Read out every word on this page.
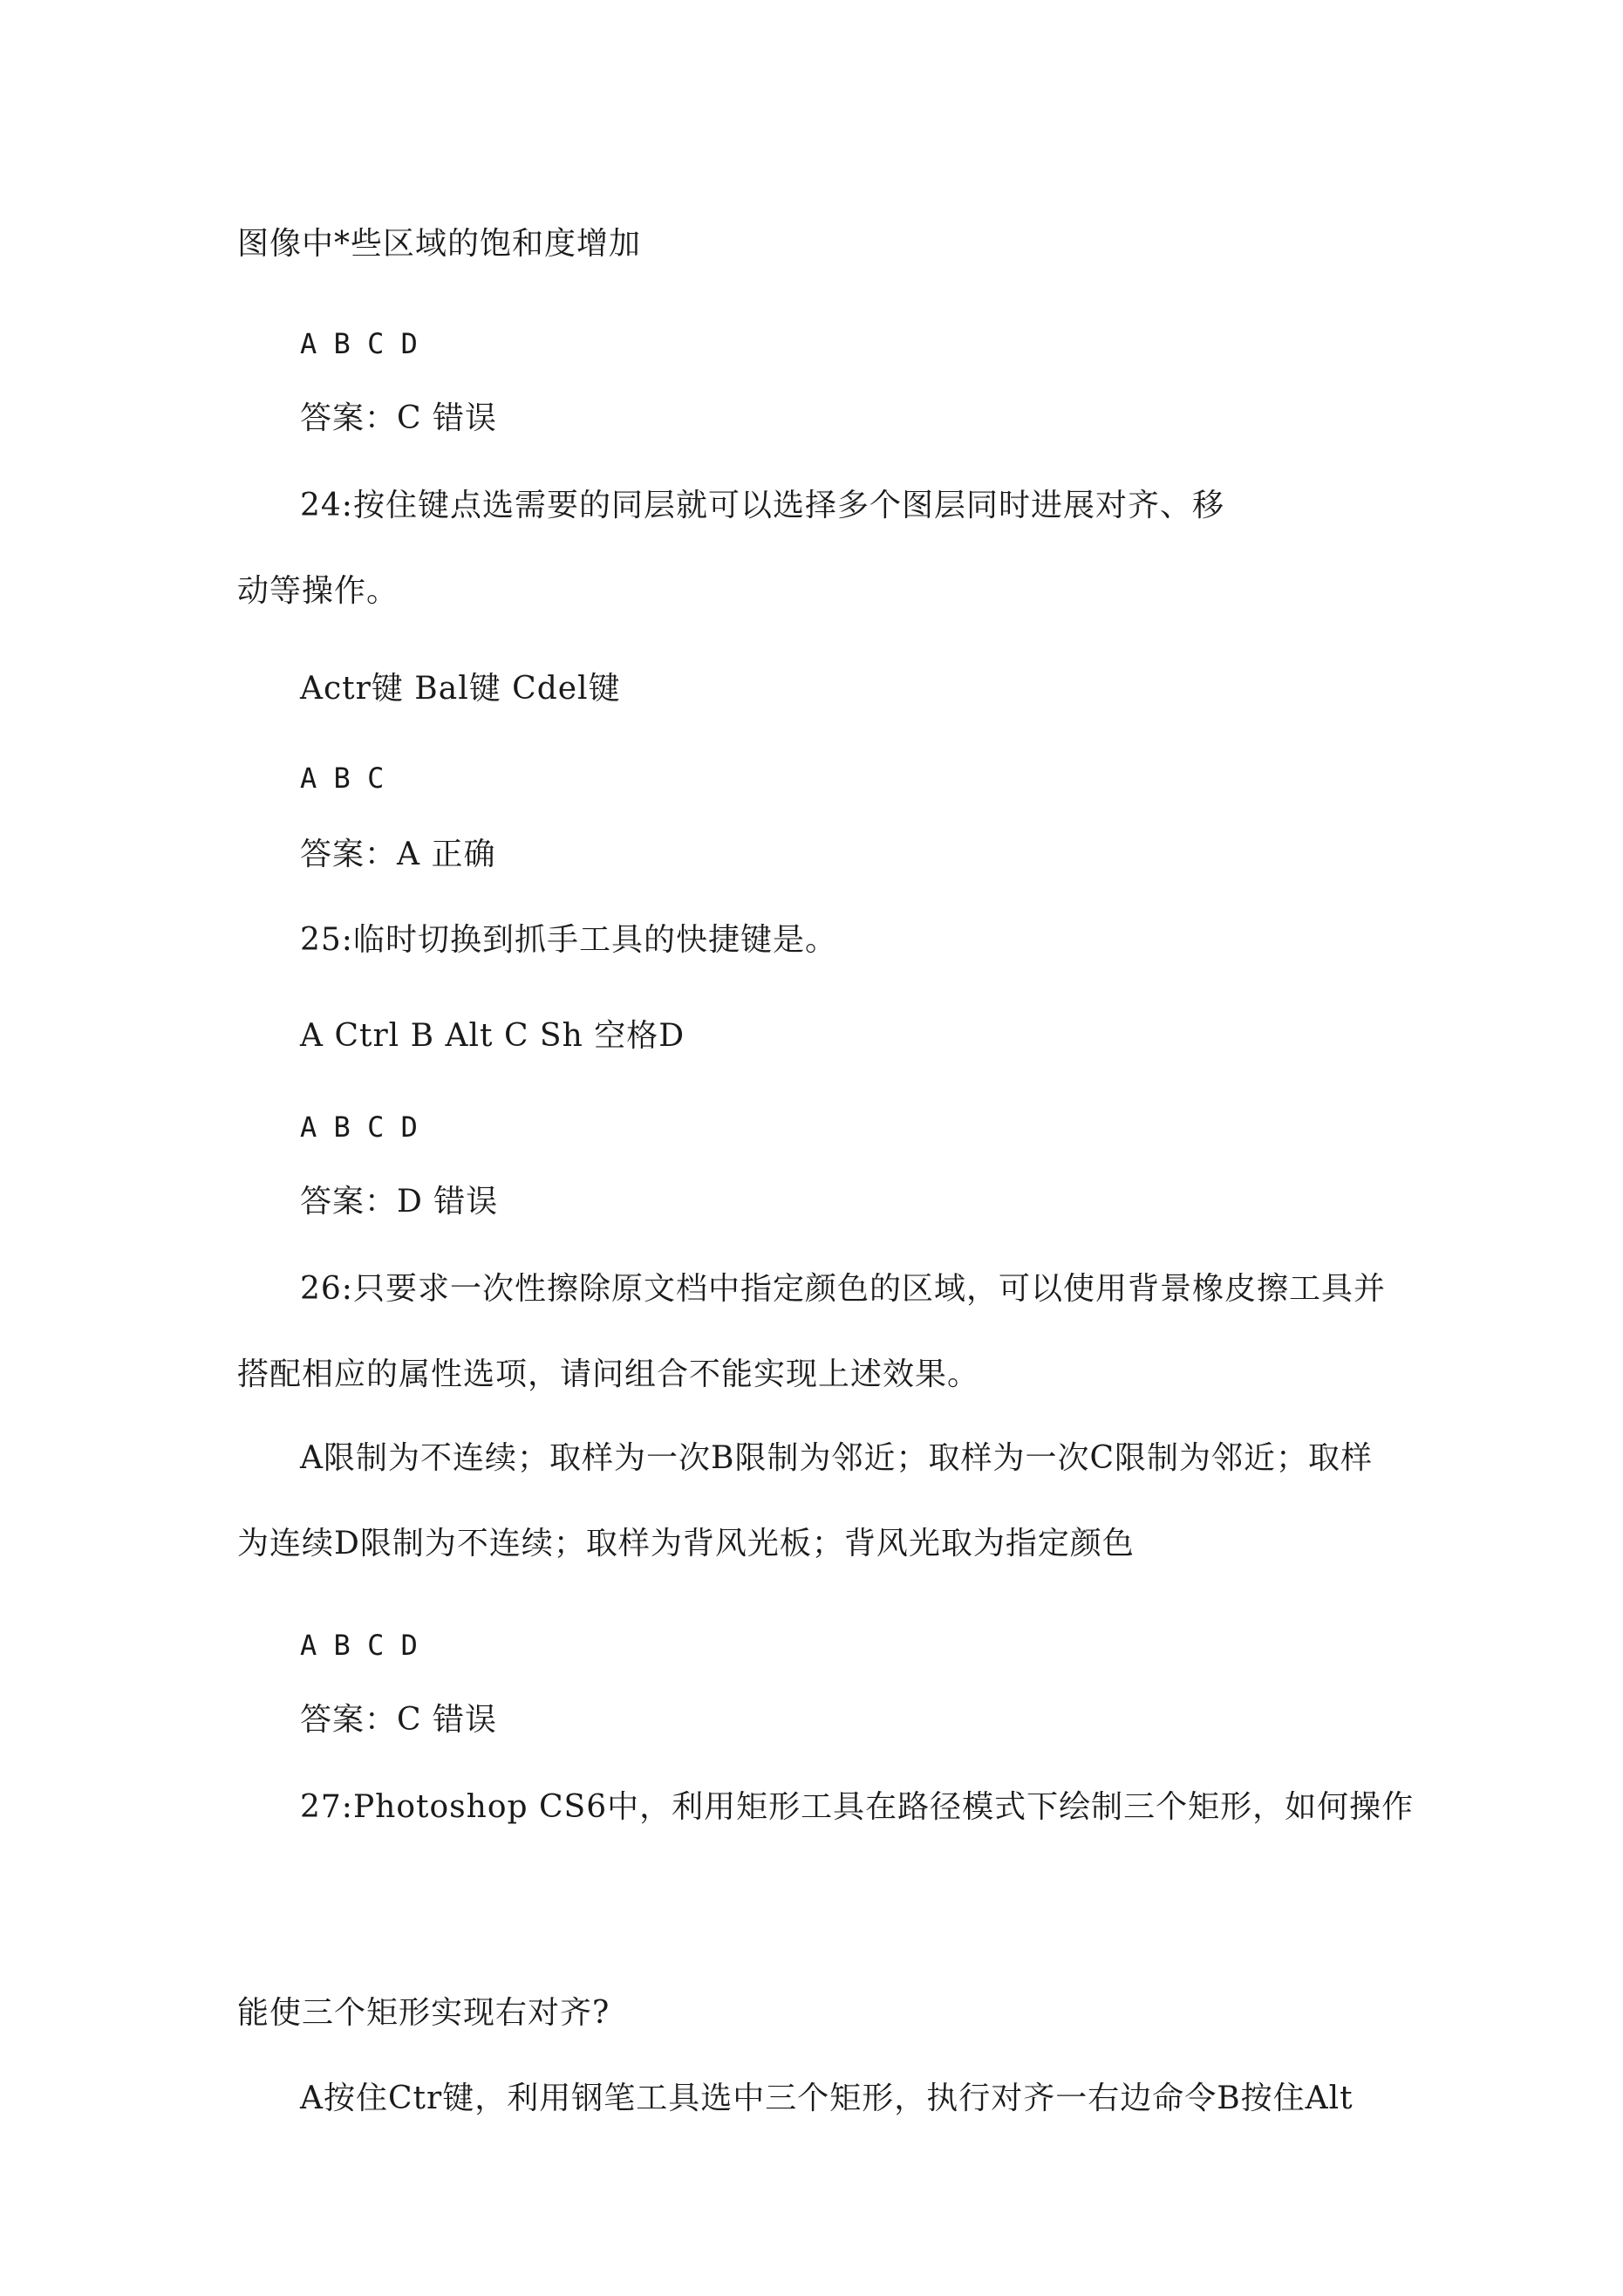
图像中*些区域的饱和度增加
A B C D
答案：C 错误
24:按住键点选需要的同层就可以选择多个图层同时进展对齐、移
动等操作。
Actr键 Bal键 Cdel键
A B C
答案：A 正确
25:临时切换到抓手工具的快捷键是。
A Ctrl B Alt C Sh 空格D
A B C D
答案：D 错误
26:只要求一次性擦除原文档中指定颜色的区域，可以使用背景橡皮擦工具并
搭配相应的属性选项，请问组合不能实现上述效果。
A限制为不连续；取样为一次B限制为邻近；取样为一次C限制为邻近；取样
为连续D限制为不连续；取样为背风光板；背风光取为指定颜色
A B C D
答案：C 错误
27:Photoshop CS6中，利用矩形工具在路径模式下绘制三个矩形，如何操作
能使三个矩形实现右对齐?
A按住Ctr键，利用钢笔工具选中三个矩形，执行对齐一右边命令B按住Alt
